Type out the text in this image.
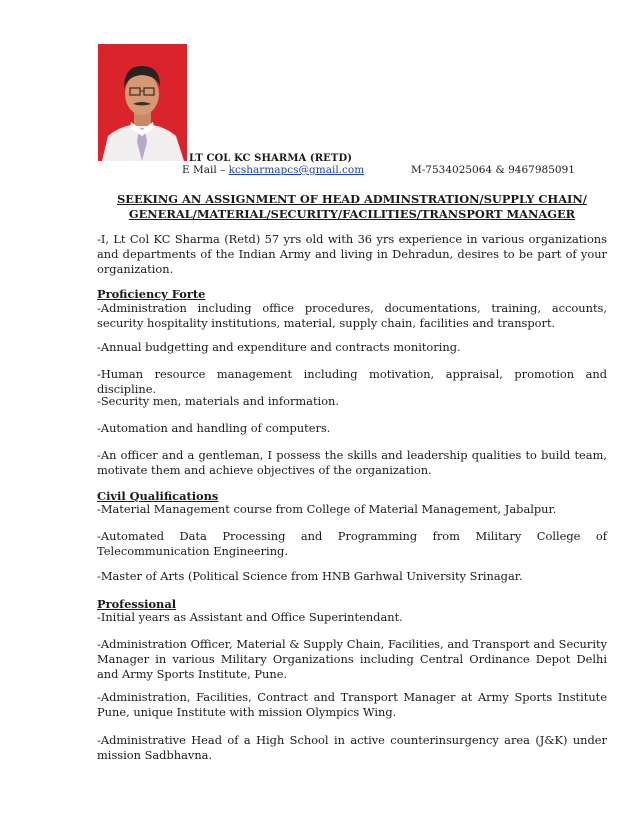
LT COL KC SHARMA (RETD)
E Mail – kcsharmapcs@gmail.com	M-7534025064 & 9467985091
SEEKING AN ASSIGNMENT OF HEAD ADMINSTRATION/SUPPLY CHAIN/
GENERAL/MATERIAL/SECURITY/FACILITIES/TRANSPORT MANAGER
-I, Lt Col KC Sharma (Retd) 57 yrs old with 36 yrs experience in various organizations and departments of the Indian Army and living in Dehradun, desires to be part of your organization.
Proficiency Forte
-Administration including office procedures, documentations, training, accounts, security hospitality institutions, material, supply chain, facilities and transport.
-Annual budgetting and expenditure and contracts monitoring.
-Human resource management including motivation, appraisal, promotion and discipline.
-Security men, materials and information.
-Automation and handling of computers.
-An officer and a gentleman, I possess the skills and leadership qualities to build team, motivate them and achieve objectives of the organization.
Civil Qualifications
-Material Management course from College of Material Management, Jabalpur.
-Automated Data Processing and Programming from Military College of Telecommunication Engineering.
-Master of Arts (Political Science from HNB Garhwal University Srinagar.
Professional
-Initial years as Assistant and Office Superintendant.
-Administration Officer, Material & Supply Chain, Facilities, and Transport and Security Manager in various Military Organizations including Central Ordinance Depot Delhi and Army Sports Institute, Pune.
-Administration, Facilities, Contract and Transport Manager at Army Sports Institute Pune, unique Institute with mission Olympics Wing.
-Administrative Head of a High School in active counterinsurgency area (J&K) under mission Sadbhavna.
